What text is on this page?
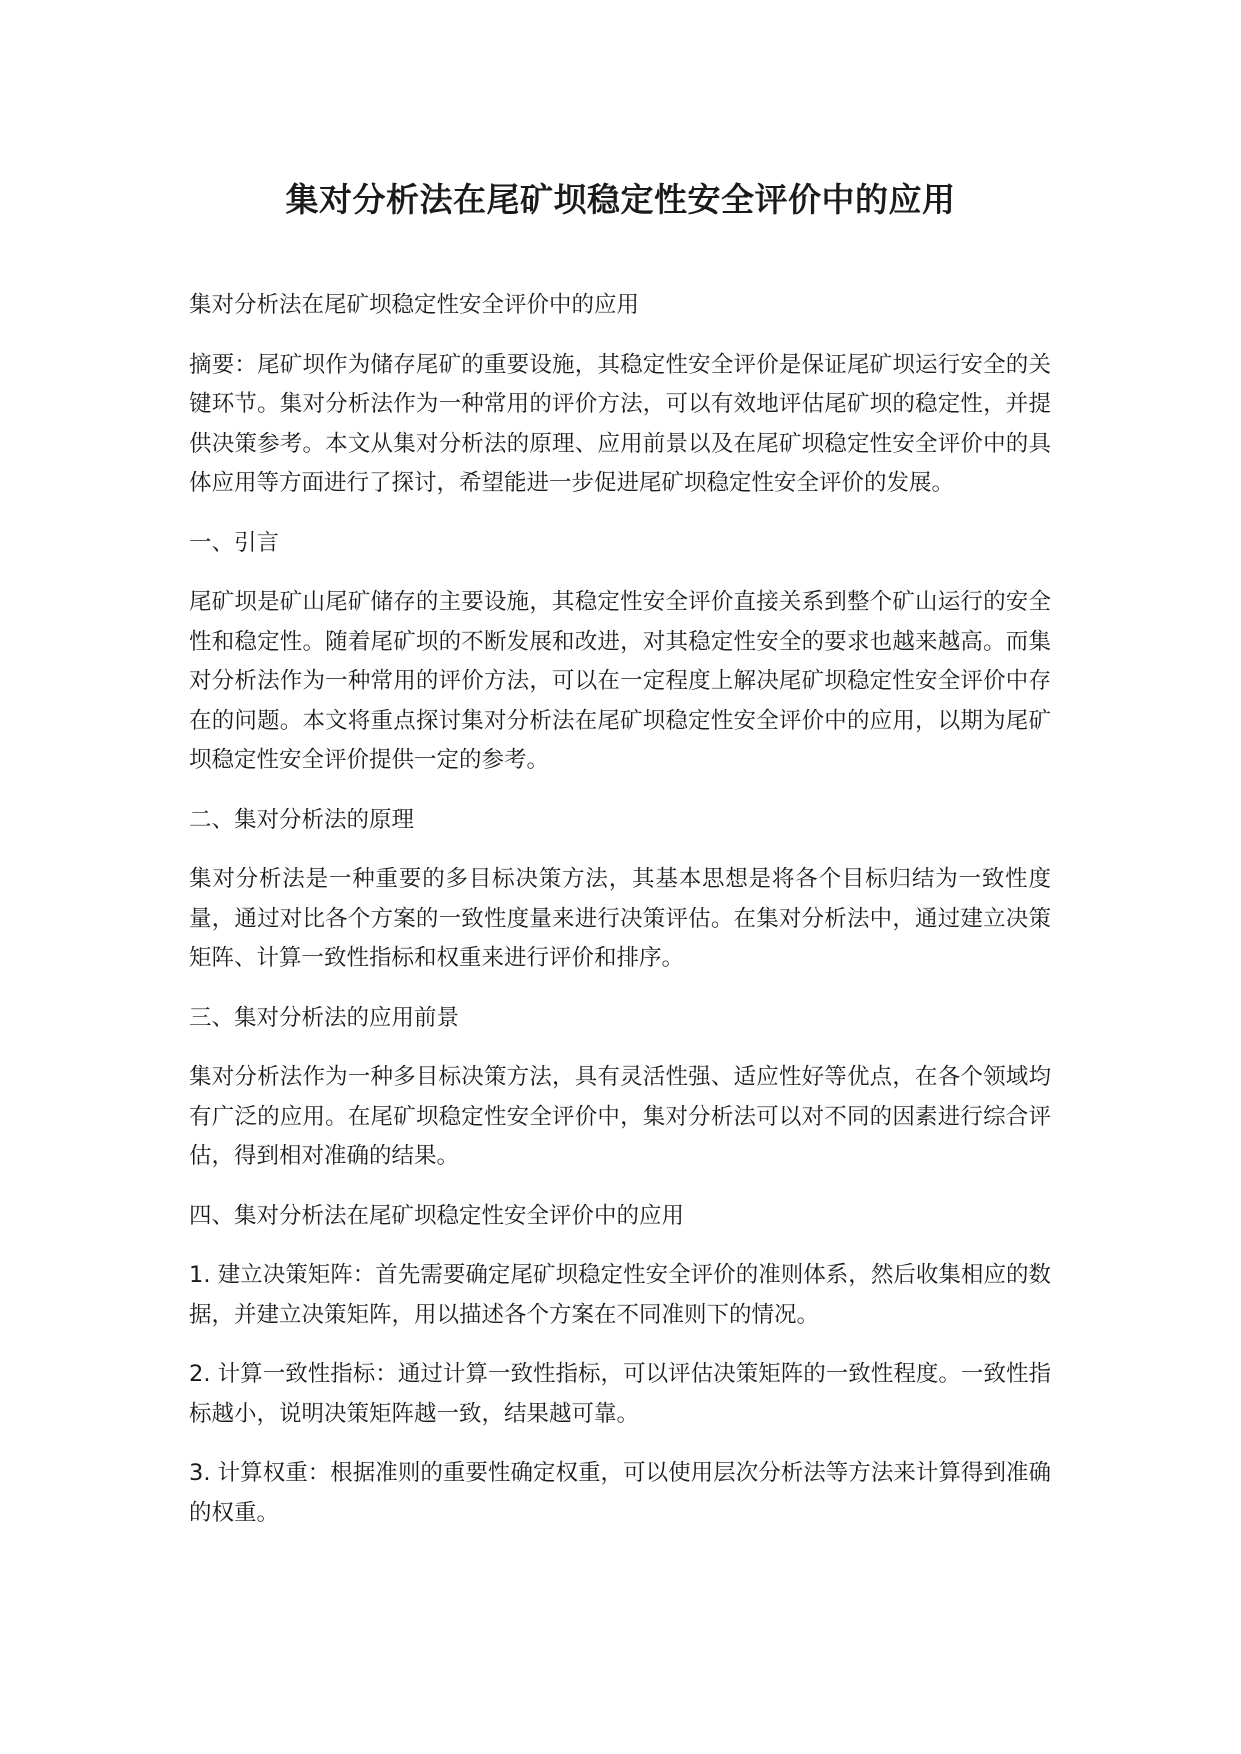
集对分析法在尾矿坝稳定性安全评价中的应用

集对分析法在尾矿坝稳定性安全评价中的应用

摘要：尾矿坝作为储存尾矿的重要设施，其稳定性安全评价是保证尾矿坝运行安全的关键环节。集对分析法作为一种常用的评价方法，可以有效地评估尾矿坝的稳定性，并提供决策参考。本文从集对分析法的原理、应用前景以及在尾矿坝稳定性安全评价中的具体应用等方面进行了探讨，希望能进一步促进尾矿坝稳定性安全评价的发展。

一、引言

尾矿坝是矿山尾矿储存的主要设施，其稳定性安全评价直接关系到整个矿山运行的安全性和稳定性。随着尾矿坝的不断发展和改进，对其稳定性安全的要求也越来越高。而集对分析法作为一种常用的评价方法，可以在一定程度上解决尾矿坝稳定性安全评价中存在的问题。本文将重点探讨集对分析法在尾矿坝稳定性安全评价中的应用，以期为尾矿坝稳定性安全评价提供一定的参考。

二、集对分析法的原理

集对分析法是一种重要的多目标决策方法，其基本思想是将各个目标归结为一致性度量，通过对比各个方案的一致性度量来进行决策评估。在集对分析法中，通过建立决策矩阵、计算一致性指标和权重来进行评价和排序。

三、集对分析法的应用前景

集对分析法作为一种多目标决策方法，具有灵活性强、适应性好等优点，在各个领域均有广泛的应用。在尾矿坝稳定性安全评价中，集对分析法可以对不同的因素进行综合评估，得到相对准确的结果。

四、集对分析法在尾矿坝稳定性安全评价中的应用

1. 建立决策矩阵：首先需要确定尾矿坝稳定性安全评价的准则体系，然后收集相应的数据，并建立决策矩阵，用以描述各个方案在不同准则下的情况。

2. 计算一致性指标：通过计算一致性指标，可以评估决策矩阵的一致性程度。一致性指标越小，说明决策矩阵越一致，结果越可靠。

3. 计算权重：根据准则的重要性确定权重，可以使用层次分析法等方法来计算得到准确的权重。
